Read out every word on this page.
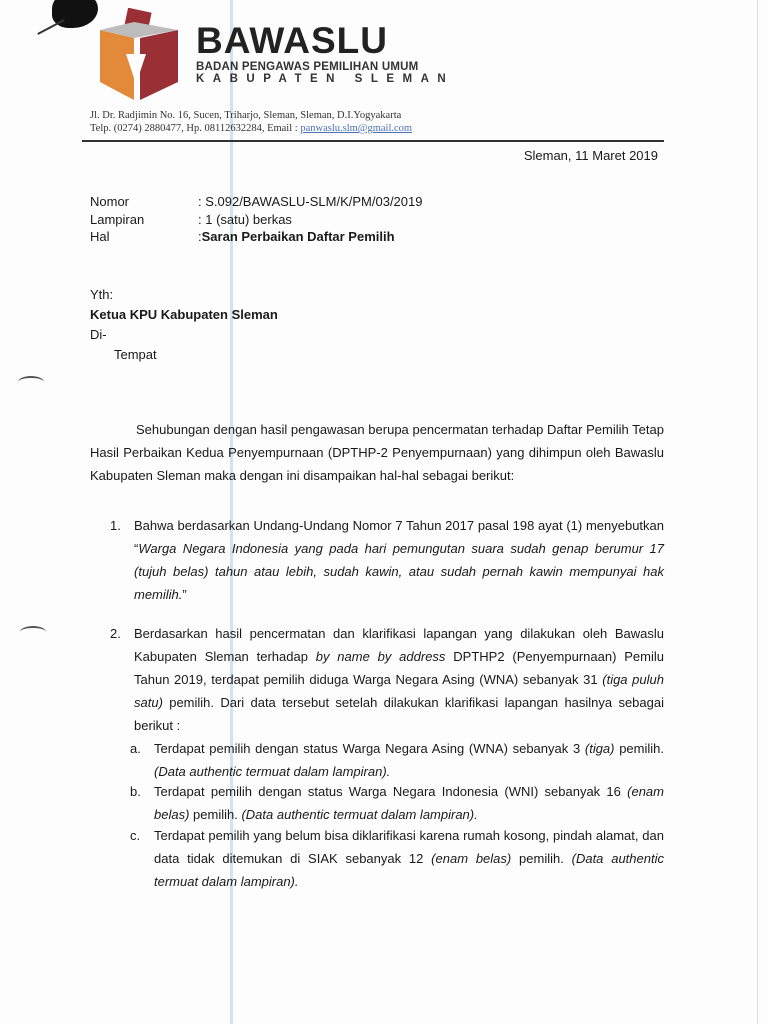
BAWASLU
BADAN PENGAWAS PEMILIHAN UMUM
KABUPATEN SLEMAN
Jl. Dr. Radjimin No. 16, Sucen, Triharjo, Sleman, Sleman, D.I.Yogyakarta
Telp. (0274) 2880477, Hp. 08112632284, Email : panwaslu.slm@gmail.com
Sleman, 11 Maret 2019
Nomor	: S.092/BAWASLU-SLM/K/PM/03/2019
Lampiran	: 1 (satu) berkas
Hal	: Saran Perbaikan Daftar Pemilih
Yth:
Ketua KPU Kabupaten Sleman
Di-
Tempat
Sehubungan dengan hasil pengawasan berupa pencermatan terhadap Daftar Pemilih Tetap Hasil Perbaikan Kedua Penyempurnaan (DPTHP-2 Penyempurnaan) yang dihimpun oleh Bawaslu Kabupaten Sleman maka dengan ini disampaikan hal-hal sebagai berikut:
1.	Bahwa berdasarkan Undang-Undang Nomor 7 Tahun 2017 pasal 198 ayat (1) menyebutkan “Warga Negara Indonesia yang pada hari pemungutan suara sudah genap berumur 17 (tujuh belas) tahun atau lebih, sudah kawin, atau sudah pernah kawin mempunyai hak memilih.”
2.	Berdasarkan hasil pencermatan dan klarifikasi lapangan yang dilakukan oleh Bawaslu Kabupaten Sleman terhadap by name by address DPTHP2 (Penyempurnaan) Pemilu Tahun 2019, terdapat pemilih diduga Warga Negara Asing (WNA) sebanyak 31 (tiga puluh satu) pemilih. Dari data tersebut setelah dilakukan klarifikasi lapangan hasilnya sebagai berikut :
a.	Terdapat pemilih dengan status Warga Negara Asing (WNA) sebanyak 3 (tiga) pemilih. (Data authentic termuat dalam lampiran).
b.	Terdapat pemilih dengan status Warga Negara Indonesia (WNI) sebanyak 16 (enam belas) pemilih. (Data authentic termuat dalam lampiran).
c.	Terdapat pemilih yang belum bisa diklarifikasi karena rumah kosong, pindah alamat, dan data tidak ditemukan di SIAK sebanyak 12 (enam belas) pemilih. (Data authentic termuat dalam lampiran).
